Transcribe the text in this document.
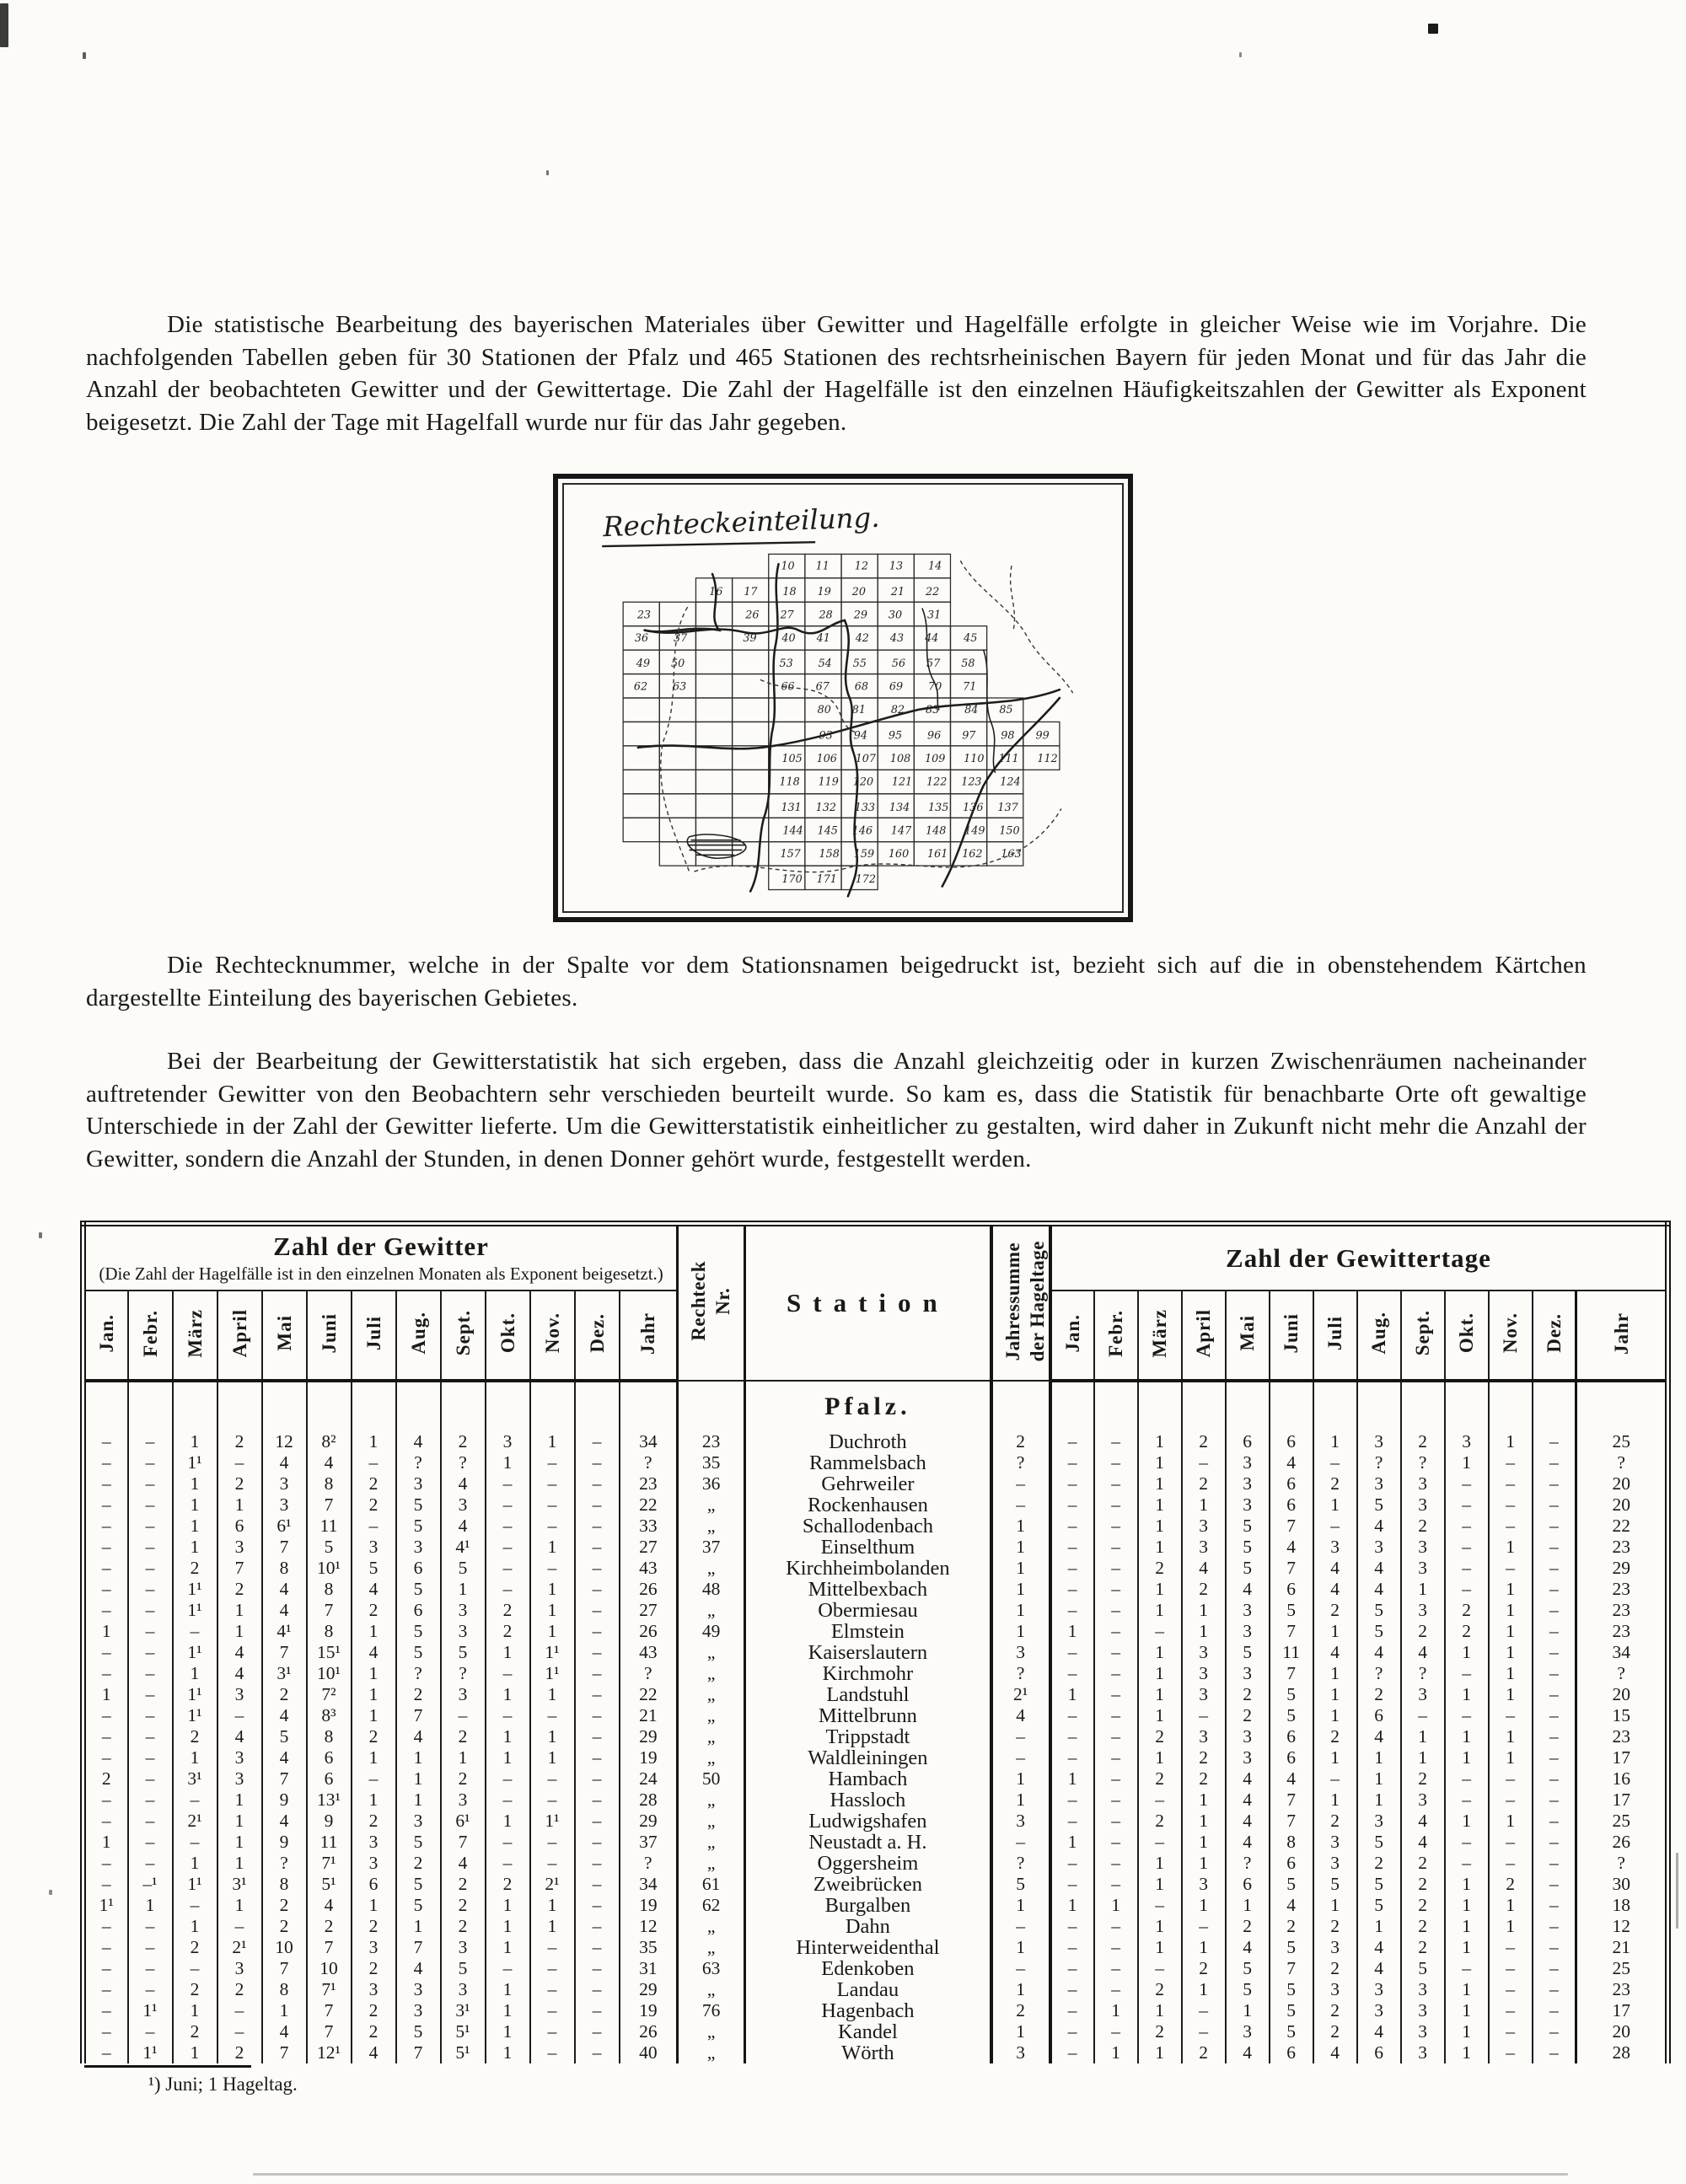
Die statistische Bearbeitung des bayerischen Materiales über Gewitter und Hagelfälle erfolgte in gleicher Weise wie im Vorjahre. Die nachfolgenden Tabellen geben für 30 Stationen der Pfalz und 465 Stationen des rechtsrheinischen Bayern für jeden Monat und für das Jahr die Anzahl der beobachteten Gewitter und der Gewittertage. Die Zahl der Hagelfälle ist den einzelnen Häufigkeitszahlen der Gewitter als Exponent beigesetzt. Die Zahl der Tage mit Hagelfall wurde nur für das Jahr gegeben.
Rechteckeinteilung.
10 11 12 13 14
16 17 18 19 20 21 22
23	26 27 28 29 30 31
36 37	39 40 41 42 43 44 45
49 50	53 54 55 56 57 58
62 63	66 67 68 69 70 71
80 81 82 83 84 85
93 94 95 96 97 98 99
105 106 107 108 109 110 111 112
118 119 120 121 122 123 124
131 132 133 134 135 136 137
144 145 146 147 148 149 150
157 158 159 160 161 162 163
170 171 172
Die Rechtecknummer, welche in der Spalte vor dem Stationsnamen beigedruckt ist, bezieht sich auf die in obenstehendem Kärtchen dargestellte Einteilung des bayerischen Gebietes.
Bei der Bearbeitung der Gewitterstatistik hat sich ergeben, dass die Anzahl gleichzeitig oder in kurzen Zwischenräumen nacheinander auftretender Gewitter von den Beobachtern sehr verschieden beurteilt wurde. So kam es, dass die Statistik für benachbarte Orte oft gewaltige Unterschiede in der Zahl der Gewitter lieferte. Um die Gewitterstatistik einheitlicher zu gestalten, wird daher in Zukunft nicht mehr die Anzahl der Gewitter, sondern die Anzahl der Stunden, in denen Donner gehört wurde, festgestellt werden.
Zahl der Gewitter
(Die Zahl der Hagelfälle ist in den einzelnen Monaten als Exponent beigesetzt.)	Rechteck Nr.	Station	Jahressumme der Hageltage	Zahl der Gewittertage

Jan.	Febr.	März	April	Mai	Juni	Juli	Aug.	Sept.	Okt.	Nov.	Dez.	Jahr				Jan.	Febr.	März	April	Mai	Juni	Juli	Aug.	Sept.	Okt.	Nov.	Dez.	Jahr
														Pfalz.														
–	–	1	2	12	8²	1	4	2	3	1	–	34	23	Duchroth	2	–	–	1	2	6	6	1	3	2	3	1	–	25
–	–	1¹	–	4	4	–	?	?	1	–	–	?	35	Rammelsbach	?	–	–	1	–	3	4	–	?	?	1	–	–	?
–	–	1	2	3	8	2	3	4	–	–	–	23	36	Gehrweiler	–	–	–	1	2	3	6	2	3	3	–	–	–	20
–	–	1	1	3	7	2	5	3	–	–	–	22	„	Rockenhausen	–	–	–	1	1	3	6	1	5	3	–	–	–	20
–	–	1	6	6¹	11	–	5	4	–	–	–	33	„	Schallodenbach	1	–	–	1	3	5	7	–	4	2	–	–	–	22
–	–	1	3	7	5	3	3	4¹	–	1	–	27	37	Einselthum	1	–	–	1	3	5	4	3	3	3	–	1	–	23
–	–	2	7	8	10¹	5	6	5	–	–	–	43	„	Kirchheimbolanden	1	–	–	2	4	5	7	4	4	3	–	–	–	29
–	–	1¹	2	4	8	4	5	1	–	1	–	26	48	Mittelbexbach	1	–	–	1	2	4	6	4	4	1	–	1	–	23
–	–	1¹	1	4	7	2	6	3	2	1	–	27	„	Obermiesau	1	–	–	1	1	3	5	2	5	3	2	1	–	23
1	–	–	1	4¹	8	1	5	3	2	1	–	26	49	Elmstein	1	1	–	–	1	3	7	1	5	2	2	1	–	23
–	–	1¹	4	7	15¹	4	5	5	1	1¹	–	43	„	Kaiserslautern	3	–	–	1	3	5	11	4	4	4	1	1	–	34
–	–	1	4	3¹	10¹	1	?	?	–	1¹	–	?	„	Kirchmohr	?	–	–	1	3	3	7	1	?	?	–	1	–	?
1	–	1¹	3	2	7²	1	2	3	1	1	–	22	„	Landstuhl	2¹	1	–	1	3	2	5	1	2	3	1	1	–	20
–	–	1¹	–	4	8³	1	7	–	–	–	–	21	„	Mittelbrunn	4	–	–	1	–	2	5	1	6	–	–	–	–	15
–	–	2	4	5	8	2	4	2	1	1	–	29	„	Trippstadt	–	–	–	2	3	3	6	2	4	1	1	1	–	23
–	–	1	3	4	6	1	1	1	1	1	–	19	„	Waldleiningen	–	–	–	1	2	3	6	1	1	1	1	1	–	17
2	–	3¹	3	7	6	–	1	2	–	–	–	24	50	Hambach	1	1	–	2	2	4	4	–	1	2	–	–	–	16
–	–	–	1	9	13¹	1	1	3	–	–	–	28	„	Hassloch	1	–	–	–	1	4	7	1	1	3	–	–	–	17
–	–	2¹	1	4	9	2	3	6¹	1	1¹	–	29	„	Ludwigshafen	3	–	–	2	1	4	7	2	3	4	1	1	–	25
1	–	–	1	9	11	3	5	7	–	–	–	37	„	Neustadt a. H.	–	1	–	–	1	4	8	3	5	4	–	–	–	26
–	–	1	1	?	7¹	3	2	4	–	–	–	?	„	Oggersheim	?	–	–	1	1	?	6	3	2	2	–	–	–	?
–	–¹	1¹	3¹	8	5¹	6	5	2	2	2¹	–	34	61	Zweibrücken	5	–	–	1	3	6	5	5	5	2	1	2	–	30
1¹	1	–	1	2	4	1	5	2	1	1	–	19	62	Burgalben	1	1	1	–	1	1	4	1	5	2	1	1	–	18
–	–	1	–	2	2	2	1	2	1	1	–	12	„	Dahn	–	–	–	1	–	2	2	2	1	2	1	1	–	12
–	–	2	2¹	10	7	3	7	3	1	–	–	35	„	Hinterweidenthal	1	–	–	1	1	4	5	3	4	2	1	–	–	21
–	–	–	3	7	10	2	4	5	–	–	–	31	63	Edenkoben	–	–	–	–	2	5	7	2	4	5	–	–	–	25
–	–	2	2	8	7¹	3	3	3	1	–	–	29	„	Landau	1	–	–	2	1	5	5	3	3	3	1	–	–	23
–	1¹	1	–	1	7	2	3	3¹	1	–	–	19	76	Hagenbach	2	–	1	1	–	1	5	2	3	3	1	–	–	17
–	–	2	–	4	7	2	5	5¹	1	–	–	26	„	Kandel	1	–	–	2	–	3	5	2	4	3	1	–	–	20
–	1¹	1	2	7	12¹	4	7	5¹	1	–	–	40	„	Wörth	3	–	1	1	2	4	6	4	6	3	1	–	–	28
¹) Juni; 1 Hageltag.
